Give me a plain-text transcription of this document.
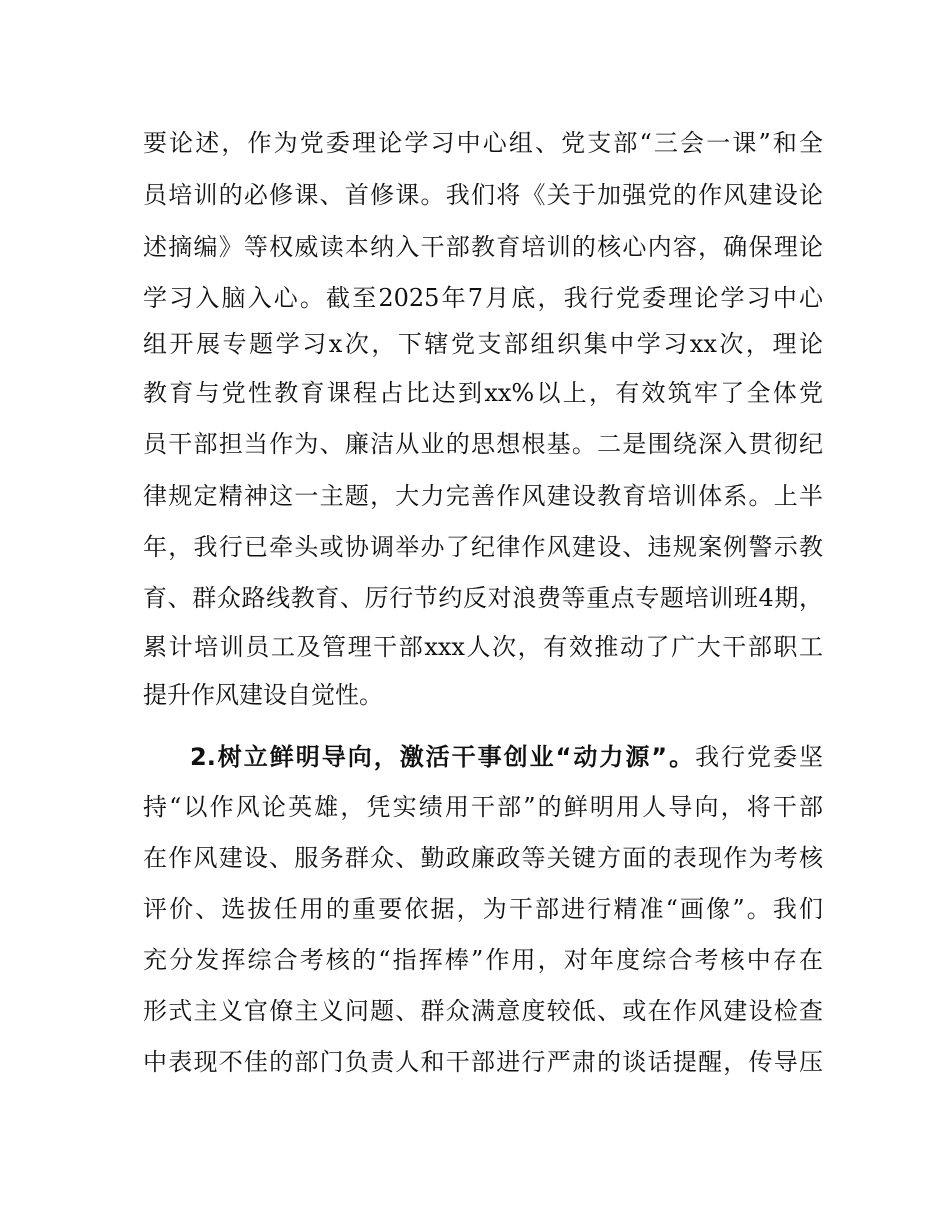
要论述，作为党委理论学习中心组、党支部“三会一课”和全
员培训的必修课、首修课。我们将《关于加强党的作风建设论
述摘编》等权威读本纳入干部教育培训的核心内容，确保理论
学习入脑入心。截至2025年7月底，我行党委理论学习中心
组开展专题学习x次，下辖党支部组织集中学习xx次，理论
教育与党性教育课程占比达到xx%以上，有效筑牢了全体党
员干部担当作为、廉洁从业的思想根基。二是围绕深入贯彻纪
律规定精神这一主题，大力完善作风建设教育培训体系。上半
年，我行已牵头或协调举办了纪律作风建设、违规案例警示教
育、群众路线教育、厉行节约反对浪费等重点专题培训班4期，
累计培训员工及管理干部xxx人次，有效推动了广大干部职工
提升作风建设自觉性。
2.树立鲜明导向，激活干事创业“动力源”。我行党委坚
持“以作风论英雄，凭实绩用干部”的鲜明用人导向，将干部
在作风建设、服务群众、勤政廉政等关键方面的表现作为考核
评价、选拔任用的重要依据，为干部进行精准“画像”。我们
充分发挥综合考核的“指挥棒”作用，对年度综合考核中存在
形式主义官僚主义问题、群众满意度较低、或在作风建设检查
中表现不佳的部门负责人和干部进行严肃的谈话提醒，传导压
